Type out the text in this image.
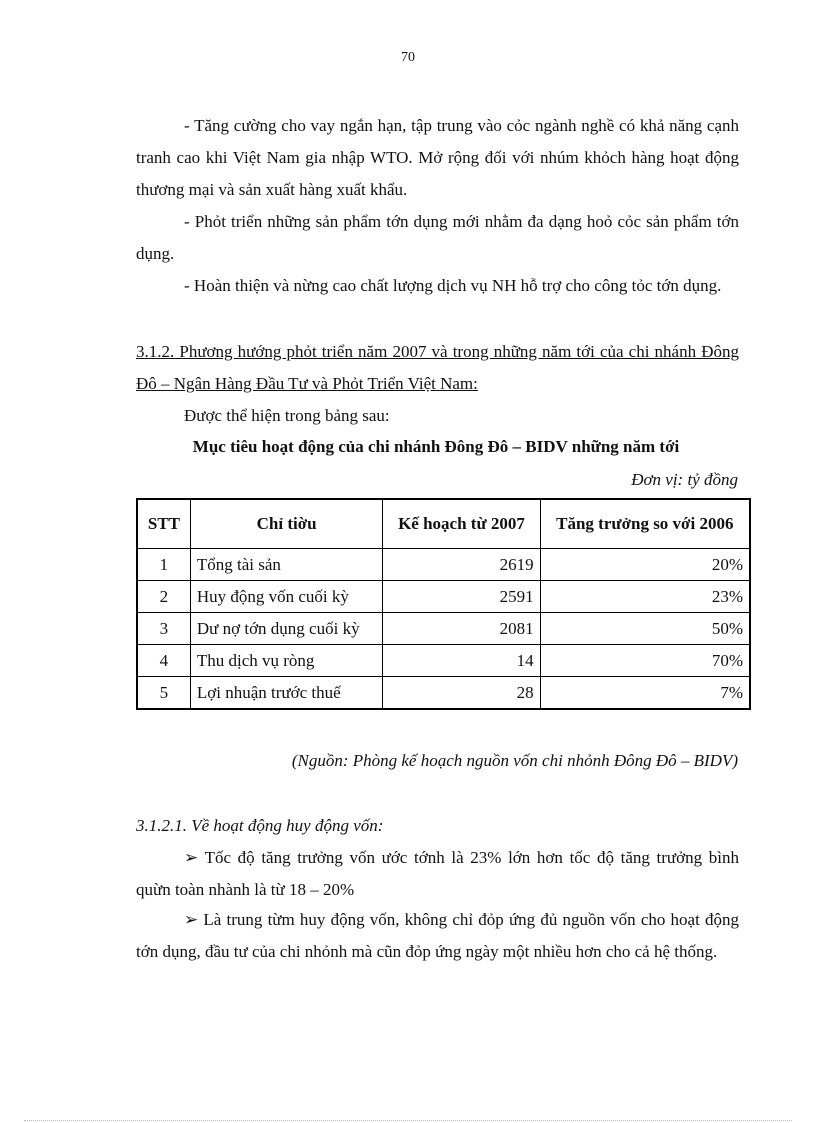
70

- Tăng cường cho vay ngắn hạn, tập trung vào cỏc ngành nghề có khả năng cạnh tranh cao khi Việt Nam gia nhập WTO. Mở rộng đối với nhúm khỏch hàng hoạt động thương mại và sản xuất hàng xuất khẩu.

- Phỏt triển những sản phẩm tớn dụng mới nhằm đa dạng hoỏ cỏc sản phẩm tớn dụng.

- Hoàn thiện và nừng cao chất lượng dịch vụ NH hỗ trợ cho công tỏc tớn dụng.

3.1.2. Phương hướng phỏt triển năm 2007 và trong những năm tới của chi nhánh Đông Đô – Ngân Hàng Đầu Tư và Phỏt Triển Việt Nam:

Được thể hiện trong bảng sau:

Mục tiêu hoạt động của chi nhánh Đông Đô – BIDV những năm tới
Đơn vị: tỷ đồng
STT	Chỉ tiờu	Kế hoạch từ 2007	Tăng trưởng so với 2006
1	Tổng tài sản	2619	20%
2	Huy động vốn cuối kỳ	2591	23%
3	Dư nợ tớn dụng cuối kỳ	2081	50%
4	Thu dịch vụ ròng	14	70%
5	Lợi nhuận trước thuế	28	7%
(Nguồn: Phòng kế hoạch nguồn vốn chi nhỏnh Đông Đô – BIDV)
3.1.2.1. Về hoạt động huy động vốn:

➢ Tốc độ tăng trưởng vốn ước tớnh là 23% lớn hơn tốc độ tăng trưởng bình quừn toàn nhành là từ 18 – 20%

➢ Là trung từm huy động vốn, không chỉ đỏp ứng đủ nguồn vốn cho hoạt động tớn dụng, đầu tư của chi nhỏnh mà cũn đỏp ứng ngày một nhiều hơn cho cả hệ thống.
